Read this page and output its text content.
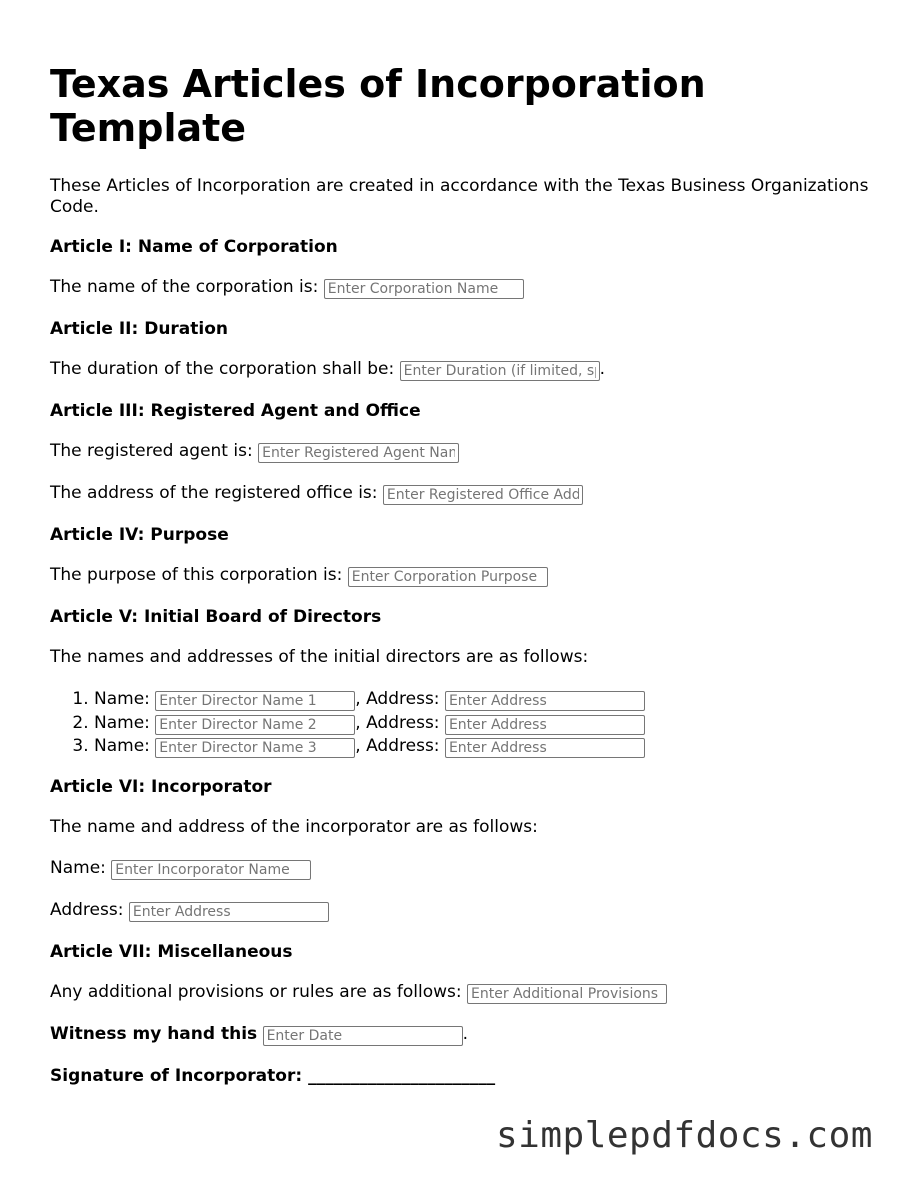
Texas Articles of Incorporation Template

These Articles of Incorporation are created in accordance with the Texas Business Organizations Code.

Article I: Name of Corporation

The name of the corporation is: Enter Corporation Name

Article II: Duration

The duration of the corporation shall be: Enter Duration (if limited, specify)	.

Article III: Registered Agent and Office

The registered agent is: Enter Registered Agent Name

The address of the registered office is: Enter Registered Office Address

Article IV: Purpose

The purpose of this corporation is: Enter Corporation Purpose

Article V: Initial Board of Directors

The names and addresses of the initial directors are as follows:

1. Name: Enter Director Name 1	, Address: Enter Address
2. Name: Enter Director Name 2	, Address: Enter Address
3. Name: Enter Director Name 3	, Address: Enter Address

Article VI: Incorporator

The name and address of the incorporator are as follows:

Name: Enter Incorporator Name

Address: Enter Address

Article VII: Miscellaneous

Any additional provisions or rules are as follows: Enter Additional Provisions

Witness my hand this Enter Date	.

Signature of Incorporator: ______________________

simplepdfdocs.com
